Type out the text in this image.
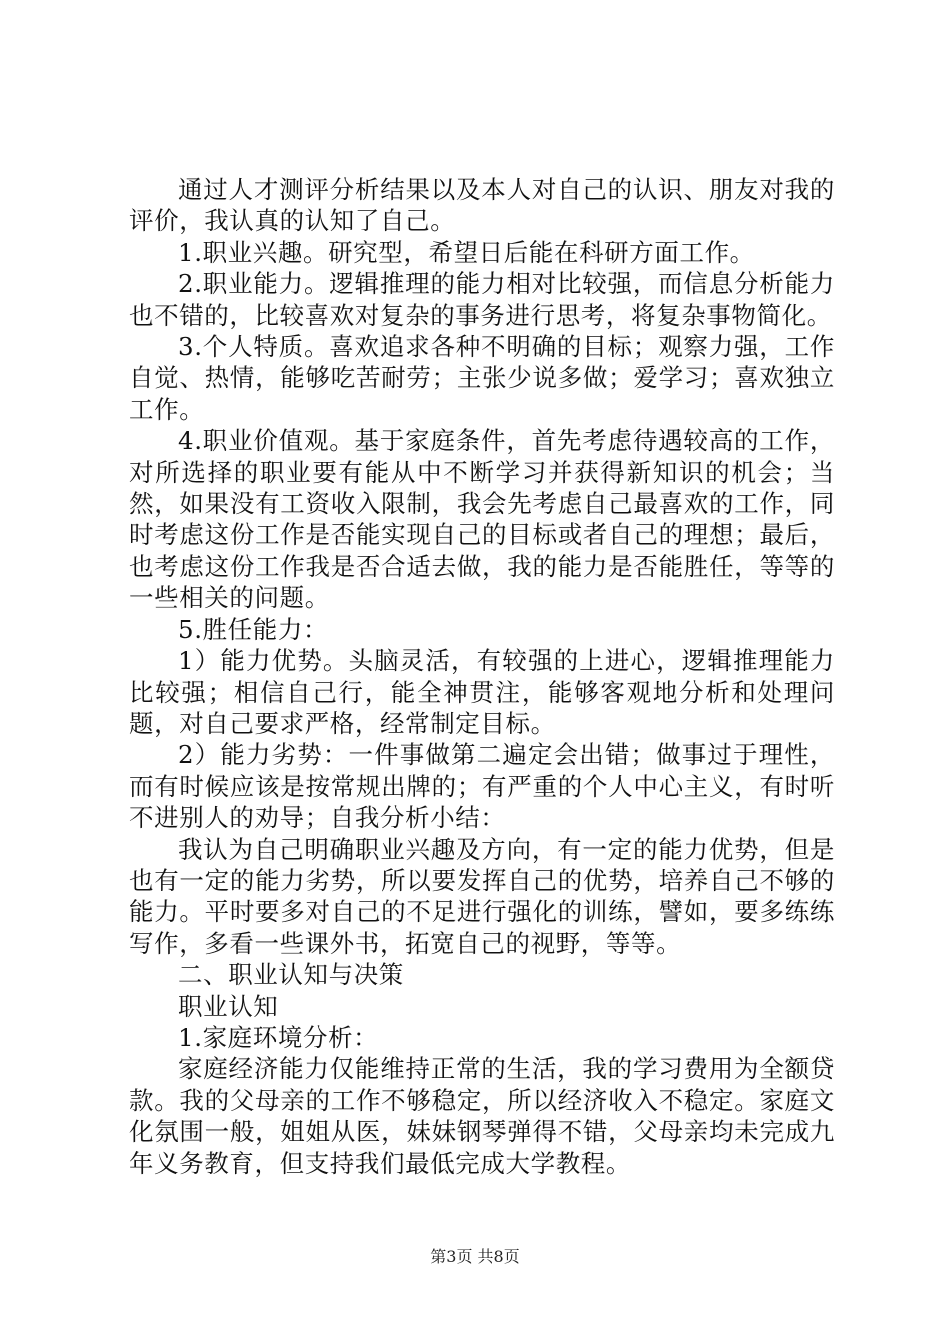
通过人才测评分析结果以及本人对自己的认识、朋友对我的评价，我认真的认知了自己。

1.职业兴趣。研究型，希望日后能在科研方面工作。

2.职业能力。逻辑推理的能力相对比较强，而信息分析能力也不错的，比较喜欢对复杂的事务进行思考，将复杂事物简化。

3.个人特质。喜欢追求各种不明确的目标；观察力强，工作自觉、热情，能够吃苦耐劳；主张少说多做；爱学习；喜欢独立工作。

4.职业价值观。基于家庭条件，首先考虑待遇较高的工作，对所选择的职业要有能从中不断学习并获得新知识的机会；当然，如果没有工资收入限制，我会先考虑自己最喜欢的工作，同时考虑这份工作是否能实现自己的目标或者自己的理想；最后，也考虑这份工作我是否合适去做，我的能力是否能胜任，等等的一些相关的问题。

5.胜任能力：

1）能力优势。头脑灵活，有较强的上进心，逻辑推理能力比较强；相信自己行，能全神贯注，能够客观地分析和处理问题，对自己要求严格，经常制定目标。

2）能力劣势：一件事做第二遍定会出错；做事过于理性，而有时候应该是按常规出牌的；有严重的个人中心主义，有时听不进别人的劝导；自我分析小结：

我认为自己明确职业兴趣及方向，有一定的能力优势，但是也有一定的能力劣势，所以要发挥自己的优势，培养自己不够的能力。平时要多对自己的不足进行强化的训练，譬如，要多练练写作，多看一些课外书，拓宽自己的视野，等等。

二、职业认知与决策

职业认知

1.家庭环境分析：

家庭经济能力仅能维持正常的生活，我的学习费用为全额贷款。我的父母亲的工作不够稳定，所以经济收入不稳定。家庭文化氛围一般，姐姐从医，妹妹钢琴弹得不错，父母亲均未完成九年义务教育，但支持我们最低完成大学教程。

第3页 共8页
